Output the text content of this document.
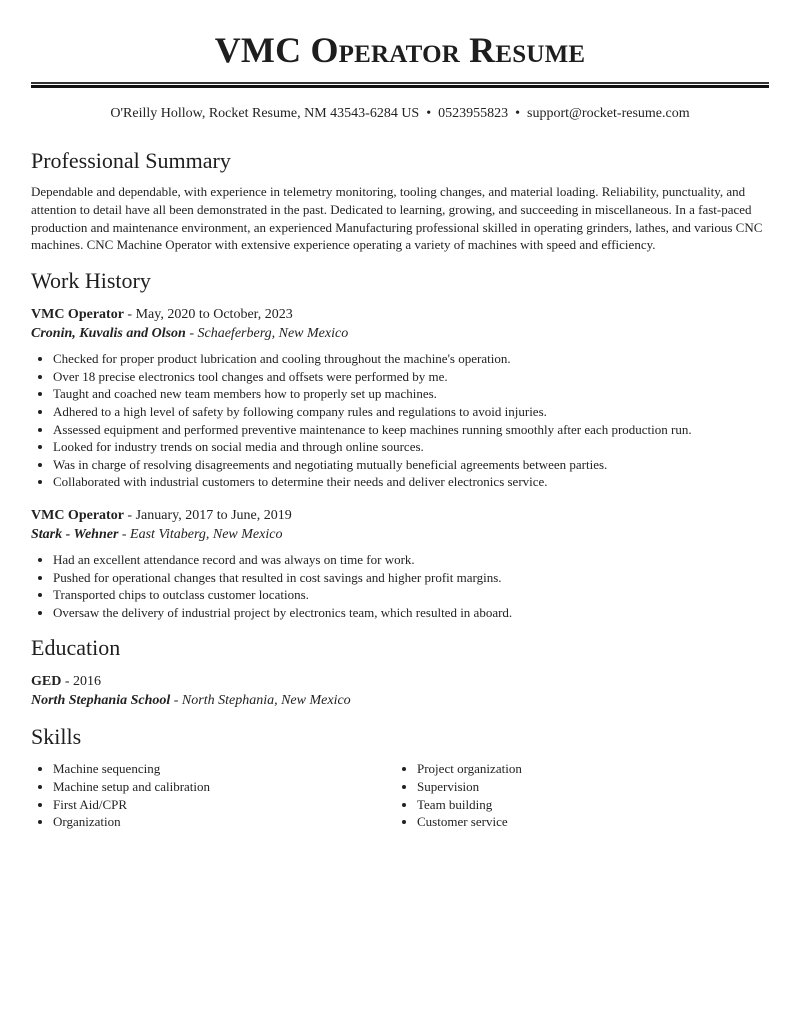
VMC Operator Resume
O'Reilly Hollow, Rocket Resume, NM 43543-6284 US • 0523955823 • support@rocket-resume.com
Professional Summary

Dependable and dependable, with experience in telemetry monitoring, tooling changes, and material loading. Reliability, punctuality, and attention to detail have all been demonstrated in the past. Dedicated to learning, growing, and succeeding in miscellaneous. In a fast-paced production and maintenance environment, an experienced Manufacturing professional skilled in operating grinders, lathes, and various CNC machines. CNC Machine Operator with extensive experience operating a variety of machines with speed and efficiency.

Work History
VMC Operator - May, 2020 to October, 2023
Cronin, Kuvalis and Olson - Schaeferberg, New Mexico
• Checked for proper product lubrication and cooling throughout the machine's operation.
• Over 18 precise electronics tool changes and offsets were performed by me.
• Taught and coached new team members how to properly set up machines.
• Adhered to a high level of safety by following company rules and regulations to avoid injuries.
• Assessed equipment and performed preventive maintenance to keep machines running smoothly after each production run.
• Looked for industry trends on social media and through online sources.
• Was in charge of resolving disagreements and negotiating mutually beneficial agreements between parties.
• Collaborated with industrial customers to determine their needs and deliver electronics service.
VMC Operator - January, 2017 to June, 2019
Stark - Wehner - East Vitaberg, New Mexico
• Had an excellent attendance record and was always on time for work.
• Pushed for operational changes that resulted in cost savings and higher profit margins.
• Transported chips to outclass customer locations.
• Oversaw the delivery of industrial project by electronics team, which resulted in aboard.
Education
GED - 2016
North Stephania School - North Stephania, New Mexico
Skills
• Machine sequencing
• Machine setup and calibration
• First Aid/CPR
• Organization
• Project organization
• Supervision
• Team building
• Customer service
